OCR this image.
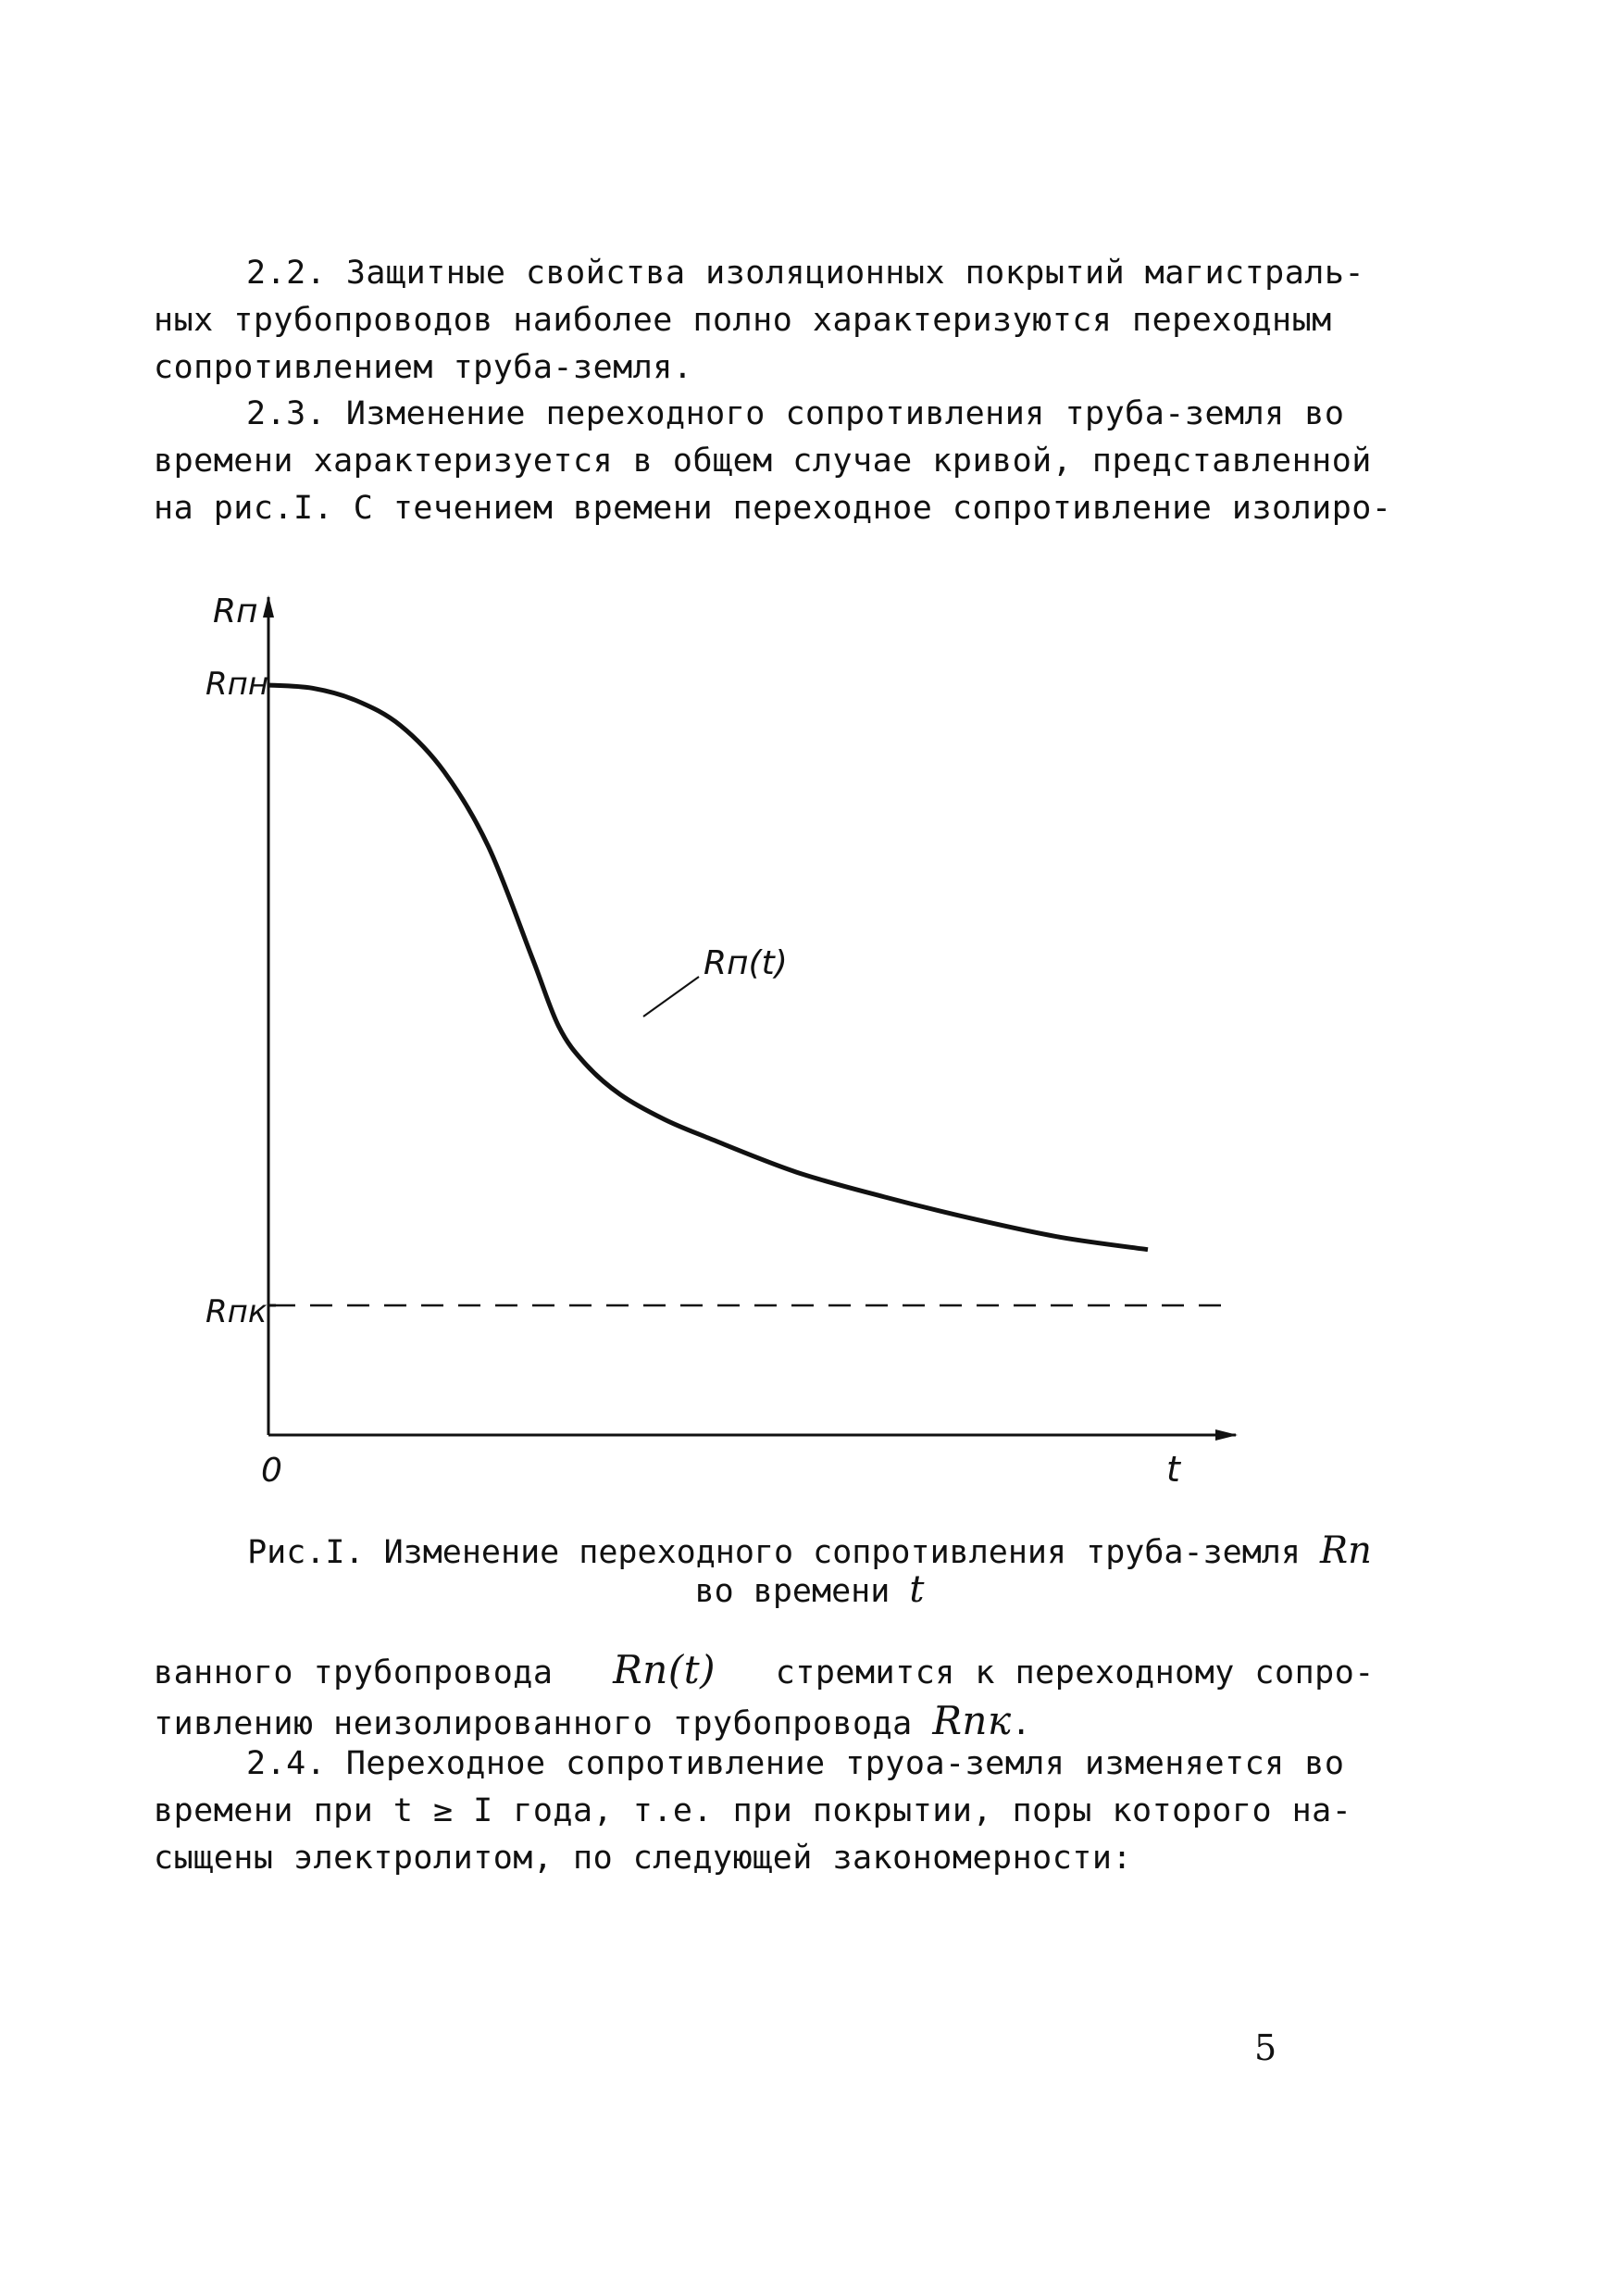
2.2. Защитные свойства изоляционных покрытий магистраль-
ных трубопроводов наиболее полно характеризуются переходным
сопротивлением труба-земля.
2.3. Изменение переходного сопротивления труба-земля во
времени характеризуется в общем случае кривой, представленной
на рис.I. С течением времени переходное сопротивление изолиро-
Rп(t)
Rп
Rпн
Rпк
0	t
Рис.I. Изменение переходного сопротивления труба-земля Rп
во времени t
ванного трубопровода Rп(t) стремится к переходному сопро-
тивлению неизолированного трубопровода Rпк.
2.4. Переходное сопротивление труоа-земля изменяется во
времени при t ≥ I года, т.е. при покрытии, поры которого на-
сыщены электролитом, по следующей закономерности:
5
